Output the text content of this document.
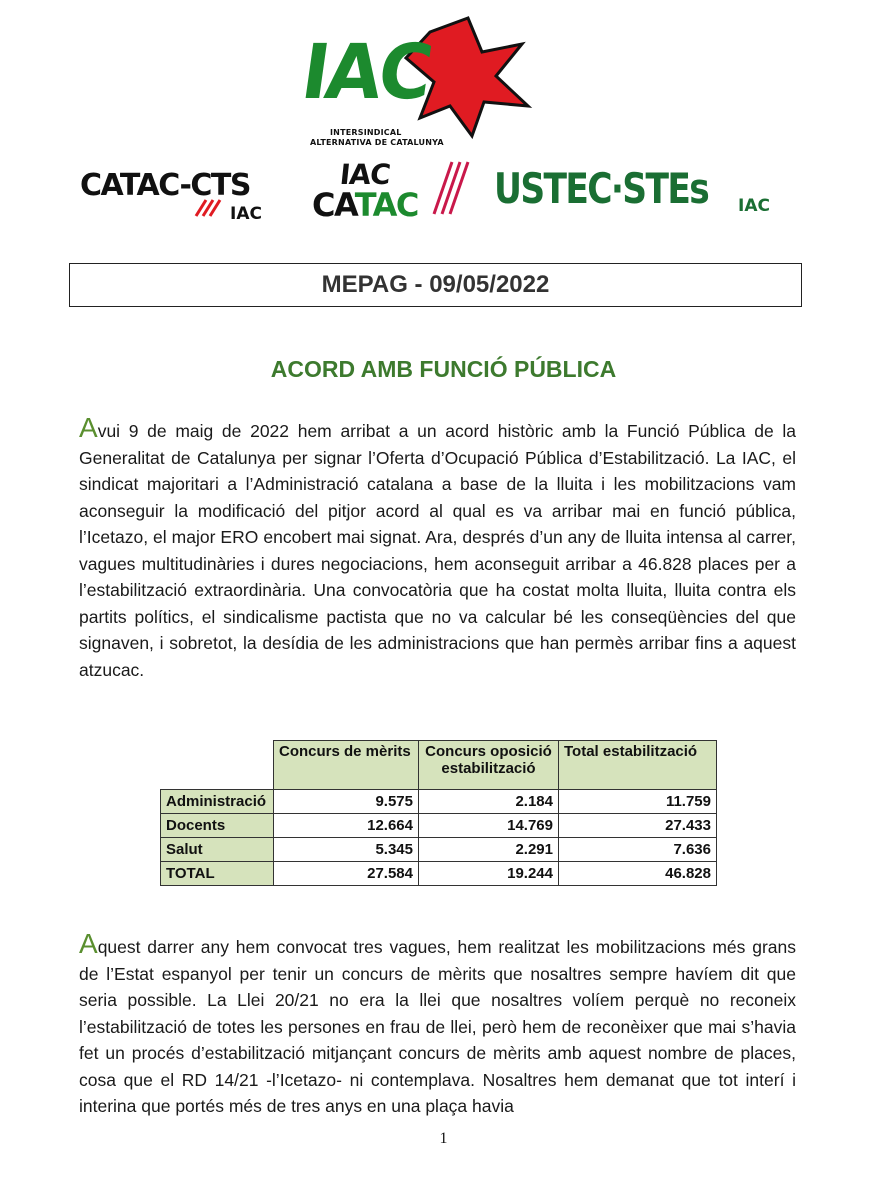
IAC
INTERSINDICAL
ALTERNATIVA DE CATALUNYA
CATAC-CTS
IAC
IAC
CATAC USTEC·STEs IAC
MEPAG - 09/05/2022
ACORD AMB FUNCIÓ PÚBLICA

Avui 9 de maig de 2022 hem arribat a un acord històric amb la Funció Pública de la Generalitat de Catalunya per signar l’Oferta d’Ocupació Pública d’Estabilització. La IAC, el sindicat majoritari a l’Administració catalana a base de la lluita i les mobilitzacions vam aconseguir la modificació del pitjor acord al qual es va arribar mai en funció pública, l’Icetazo, el major ERO encobert mai signat. Ara, després d’un any de lluita intensa al carrer, vagues multitudinàries i dures negociacions, hem aconseguit arribar a 46.828 places per a l’estabilització extraordinària. Una convocatòria que ha costat molta lluita, lluita contra els partits polítics, el sindicalisme pactista que no va calcular bé les conseqüències del que signaven, i sobretot, la desídia de les administracions que han permès arribar fins a aquest atzucac.

	Concurs de mèrits	Concurs oposició estabilització	Total estabilització
Administració	9.575	2.184	11.759
Docents	12.664	14.769	27.433
Salut	5.345	2.291	7.636
TOTAL	27.584	19.244	46.828

Aquest darrer any hem convocat tres vagues, hem realitzat les mobilitzacions més grans de l’Estat espanyol per tenir un concurs de mèrits que nosaltres sempre havíem dit que seria possible. La Llei 20/21 no era la llei que nosaltres volíem perquè no reconeix l’estabilització de totes les persones en frau de llei, però hem de reconèixer que mai s’havia fet un procés d’estabilització mitjançant concurs de mèrits amb aquest nombre de places, cosa que el RD 14/21 -l’Icetazo- ni contemplava. Nosaltres hem demanat que tot interí i interina que portés més de tres anys en una plaça havia

1
